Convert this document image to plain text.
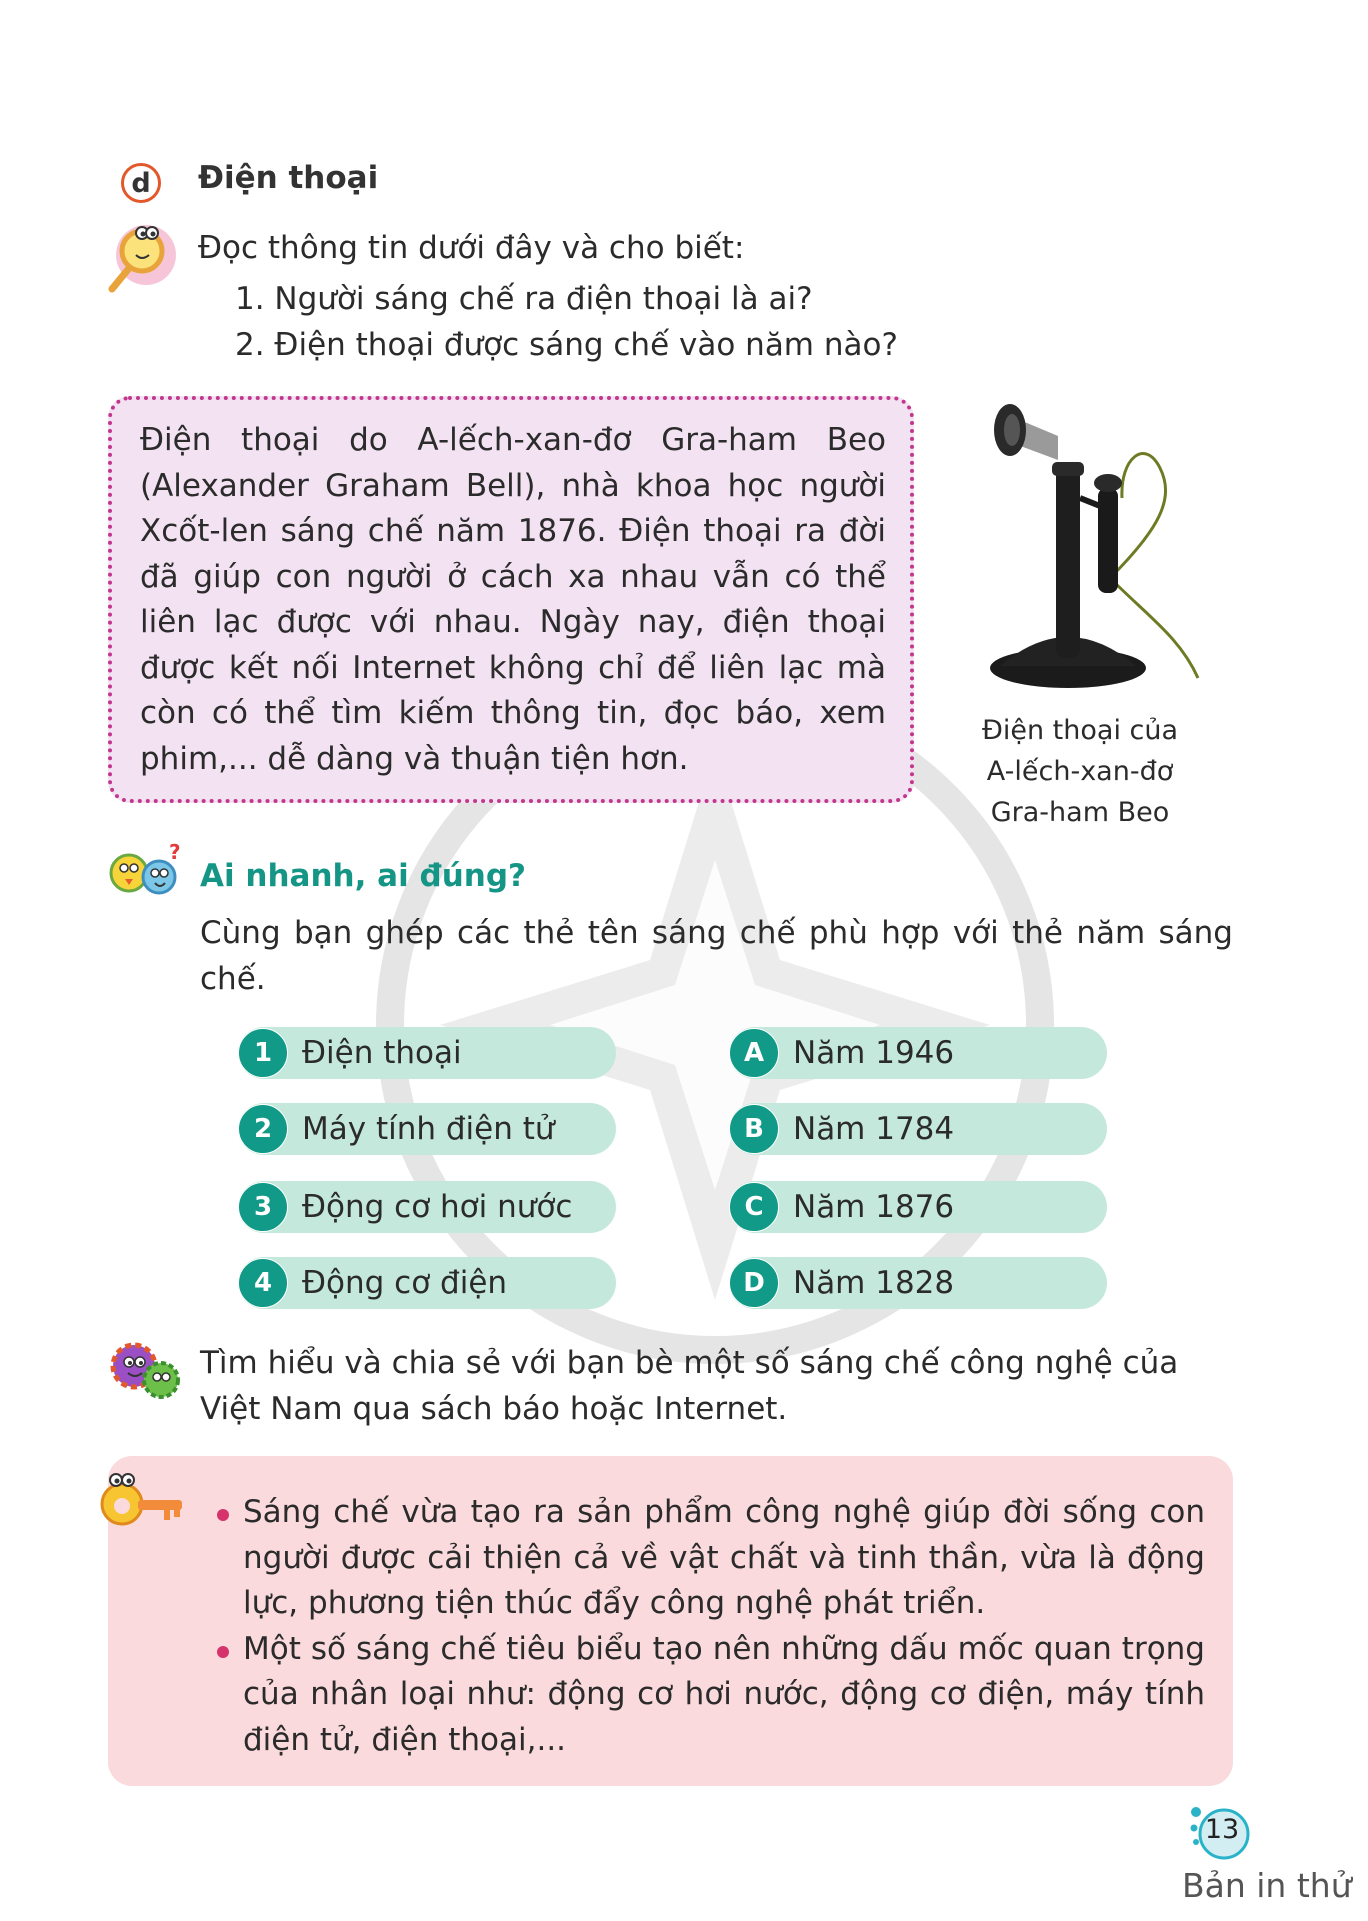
d	Điện thoại
Đọc thông tin dưới đây và cho biết:
1. Người sáng chế ra điện thoại là ai?
2. Điện thoại được sáng chế vào năm nào?
Điện thoại do A-lếch-xan-đơ Gra-ham Beo (Alexander Graham Bell), nhà khoa học người Xcốt-len sáng chế năm 1876. Điện thoại ra đời đã giúp con người ở cách xa nhau vẫn có thể liên lạc được với nhau. Ngày nay, điện thoại được kết nối Internet không chỉ để liên lạc mà còn có thể tìm kiếm thông tin, đọc báo, xem phim,... dễ dàng và thuận tiện hơn.
Điện thoại của
A-lếch-xan-đơ
Gra-ham Beo
?
Ai nhanh, ai đúng?
Cùng bạn ghép các thẻ tên sáng chế phù hợp với thẻ năm sáng chế.
1 Điện thoại
2 Máy tính điện tử
3 Động cơ hơi nước
4 Động cơ điện
A Năm 1946
B Năm 1784
C Năm 1876
D Năm 1828
Tìm hiểu và chia sẻ với bạn bè một số sáng chế công nghệ của Việt Nam qua sách báo hoặc Internet.
Sáng chế vừa tạo ra sản phẩm công nghệ giúp đời sống con người được cải thiện cả về vật chất và tinh thần, vừa là động lực, phương tiện thúc đẩy công nghệ phát triển.
Một số sáng chế tiêu biểu tạo nên những dấu mốc quan trọng của nhân loại như: động cơ hơi nước, động cơ điện, máy tính điện tử, điện thoại,...
13
Bản in thử
